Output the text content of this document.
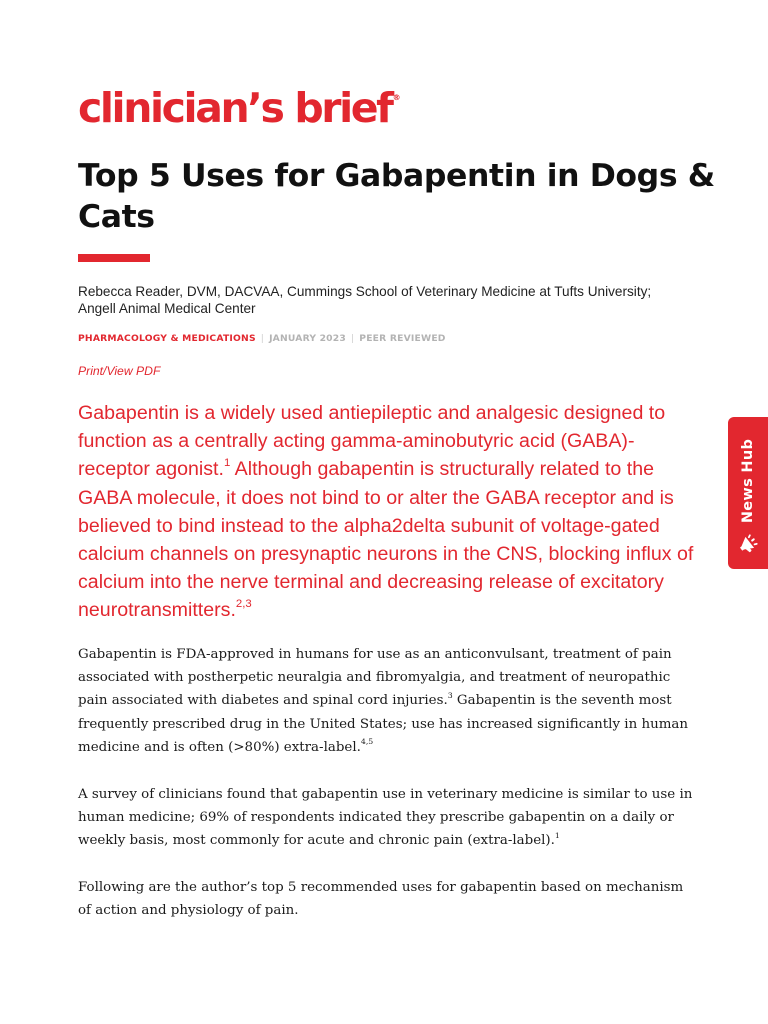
clinician’s brief®
Top 5 Uses for Gabapentin in Dogs & Cats
Rebecca Reader, DVM, DACVAA, Cummings School of Veterinary Medicine at Tufts University;
Angell Animal Medical Center
PHARMACOLOGY & MEDICATIONS | JANUARY 2023 | PEER REVIEWED
Print/View PDF

Gabapentin is a widely used antiepileptic and analgesic designed to function as a centrally acting gamma-aminobutyric acid (GABA)-receptor agonist.$^1$ Although gabapentin is structurally related to the GABA molecule, it does not bind to or alter the GABA receptor and is believed to bind instead to the alpha2delta subunit of voltage-gated calcium channels on presynaptic neurons in the CNS, blocking influx of calcium into the nerve terminal and decreasing release of excitatory neurotransmitters.$^{2,3}$

Gabapentin is FDA-approved in humans for use as an anticonvulsant, treatment of pain associated with postherpetic neuralgia and fibromyalgia, and treatment of neuropathic pain associated with diabetes and spinal cord injuries.$^3$ Gabapentin is the seventh most frequently prescribed drug in the United States; use has increased significantly in human medicine and is often (>80%) extra-label.$^{4,5}$

A survey of clinicians found that gabapentin use in veterinary medicine is similar to use in human medicine; 69% of respondents indicated they prescribe gabapentin on a daily or weekly basis, most commonly for acute and chronic pain (extra-label).$^1$

Following are the author’s top 5 recommended uses for gabapentin based on mechanism of action and physiology of pain.

News Hub
